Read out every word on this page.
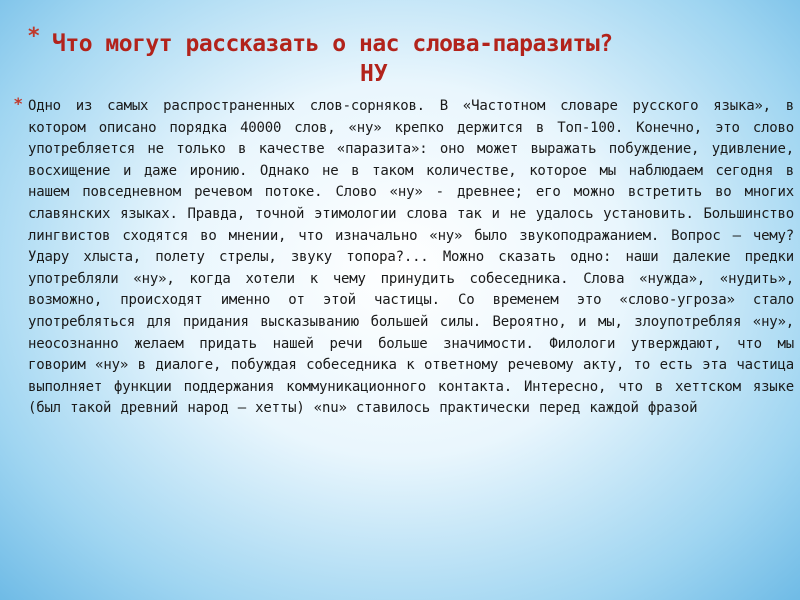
* Что могут рассказать о нас слова-паразиты?
НУ
* Одно из самых распространенных слов-сорняков. В «Частотном словаре русского языка», в котором описано порядка 40000 слов, «ну» крепко держится в Топ-100. Конечно, это слово употребляется не только в качестве «паразита»: оно может выражать побуждение, удивление, восхищение и даже иронию. Однако не в таком количестве, которое мы наблюдаем сегодня в нашем повседневном речевом потоке. Слово «ну» - древнее; его можно встретить во многих славянских языках. Правда, точной этимологии слова так и не удалось установить. Большинство лингвистов сходятся во мнении, что изначально «ну» было звукоподражанием. Вопрос – чему? Удару хлыста, полету стрелы, звуку топора?... Можно сказать одно: наши далекие предки употребляли «ну», когда хотели к чему принудить собеседника. Слова «нужда», «нудить», возможно, происходят именно от этой частицы. Со временем это «слово-угроза» стало употребляться для придания высказыванию большей силы. Вероятно, и мы, злоупотребляя «ну», неосознанно желаем придать нашей речи больше значимости. Филологи утверждают, что мы говорим «ну» в диалоге, побуждая собеседника к ответному речевому акту, то есть эта частица выполняет функции поддержания коммуникационного контакта. Интересно, что в хеттском языке (был такой древний народ – хетты) «nu» ставилось практически перед каждой фразой
